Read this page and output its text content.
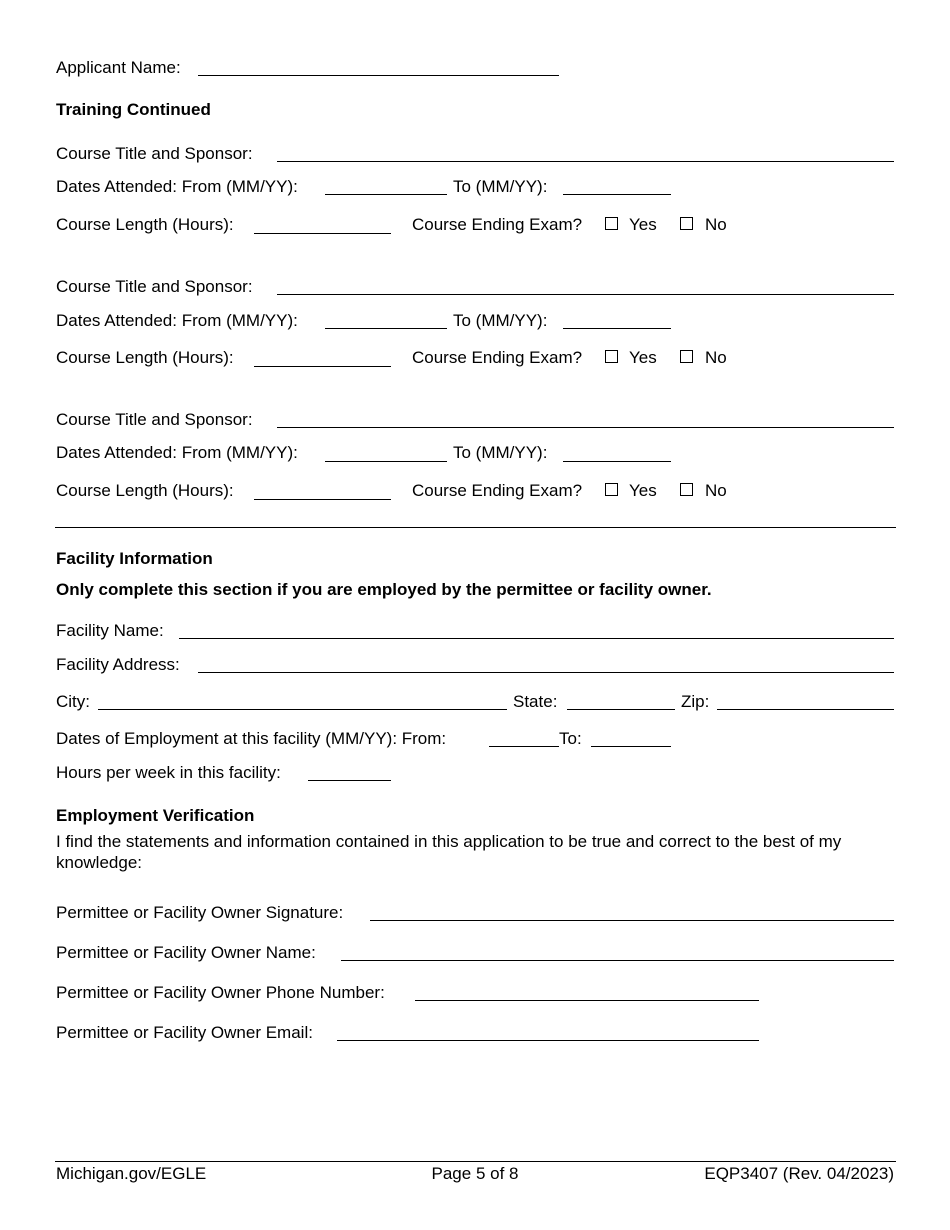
Applicant Name:
Training Continued
Course Title and Sponsor:
Dates Attended: From (MM/YY):	To (MM/YY):
Course Length (Hours):	Course Ending Exam?	Yes	No
Course Title and Sponsor:
Dates Attended: From (MM/YY):	To (MM/YY):
Course Length (Hours):	Course Ending Exam?	Yes	No
Course Title and Sponsor:
Dates Attended: From (MM/YY):	To (MM/YY):
Course Length (Hours):	Course Ending Exam?	Yes	No
Facility Information
Only complete this section if you are employed by the permittee or facility owner.
Facility Name:
Facility Address:
City:	State:	Zip:
Dates of Employment at this facility (MM/YY): From:	To:
Hours per week in this facility:
Employment Verification
I find the statements and information contained in this application to be true and correct to the best of my knowledge:
Permittee or Facility Owner Signature:
Permittee or Facility Owner Name:
Permittee or Facility Owner Phone Number:
Permittee or Facility Owner Email:
Michigan.gov/EGLE	Page 5 of 8	EQP3407 (Rev. 04/2023)
